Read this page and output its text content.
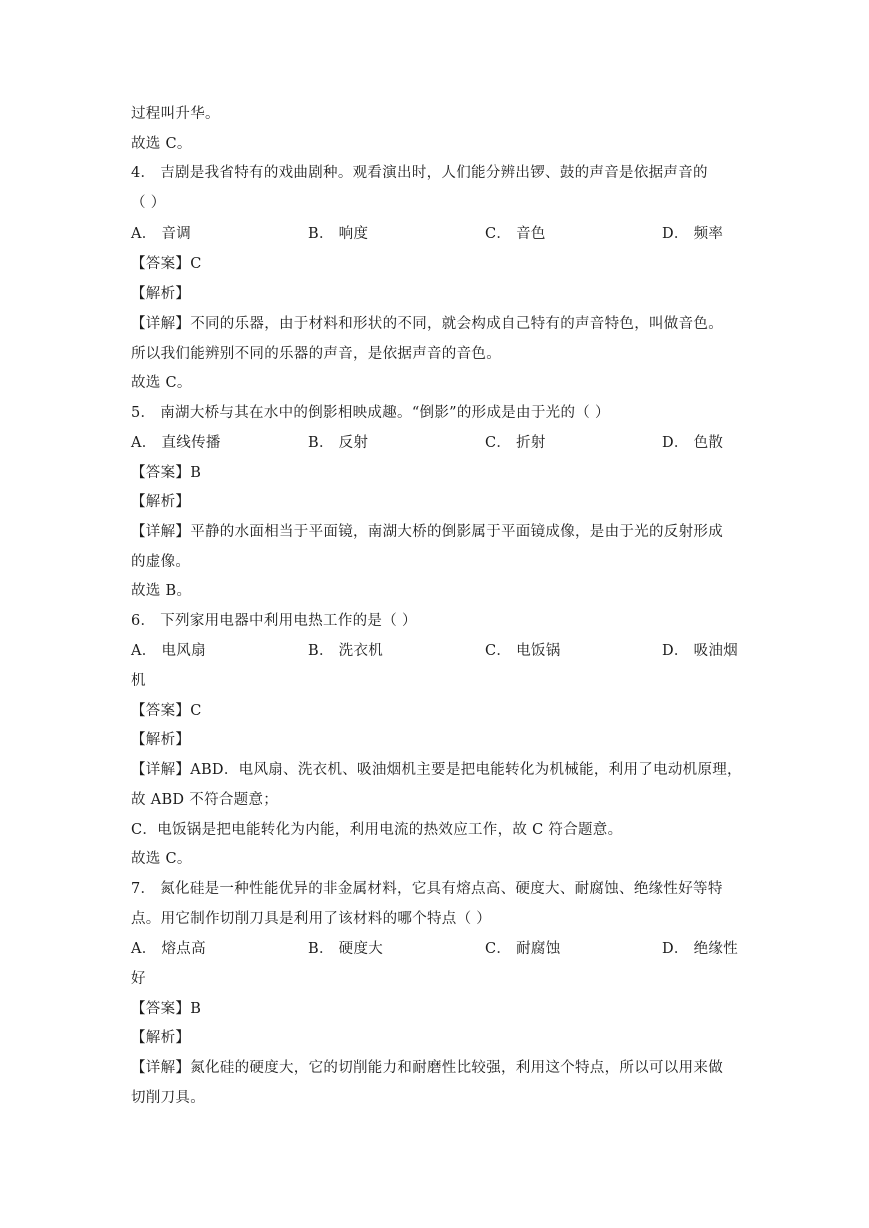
过程叫升华。
故选 C。
4． 吉剧是我省特有的戏曲剧种。观看演出时，人们能分辨出锣、鼓的声音是依据声音的
（ ）
A． 音调	B． 响度	C． 音色	D． 频率
【答案】C
【解析】
【详解】不同的乐器，由于材料和形状的不同，就会构成自己特有的声音特色，叫做音色。
所以我们能辨别不同的乐器的声音，是依据声音的音色。
故选 C。
5． 南湖大桥与其在水中的倒影相映成趣。“倒影”的形成是由于光的（ ）
A． 直线传播	B． 反射	C． 折射	D． 色散
【答案】B
【解析】
【详解】平静的水面相当于平面镜，南湖大桥的倒影属于平面镜成像，是由于光的反射形成
的虚像。
故选 B。
6． 下列家用电器中利用电热工作的是（ ）
A． 电风扇	B． 洗衣机	C． 电饭锅	D． 吸油烟
机
【答案】C
【解析】
【详解】ABD．电风扇、洗衣机、吸油烟机主要是把电能转化为机械能，利用了电动机原理，
故 ABD 不符合题意；
C．电饭锅是把电能转化为内能，利用电流的热效应工作，故 C 符合题意。
故选 C。
7． 氮化硅是一种性能优异的非金属材料，它具有熔点高、硬度大、耐腐蚀、绝缘性好等特
点。用它制作切削刀具是利用了该材料的哪个特点（ ）
A． 熔点高	B． 硬度大	C． 耐腐蚀	D． 绝缘性
好
【答案】B
【解析】
【详解】氮化硅的硬度大，它的切削能力和耐磨性比较强，利用这个特点，所以可以用来做
切削刀具。
